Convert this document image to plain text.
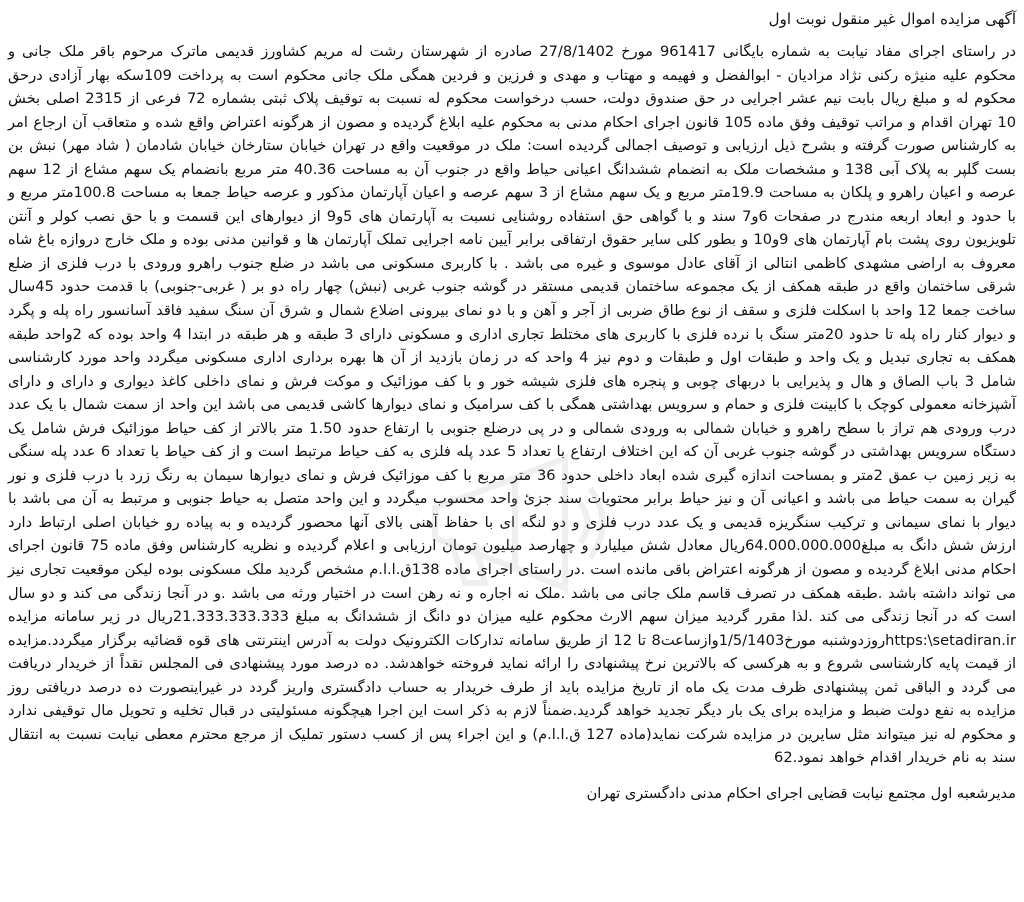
آگهی مزایده اموال غیر منقول نوبت اول

در راستای اجرای مفاد نیابت به شماره بایگانی 961417 مورخ 27/8/1402 صادره از شهرستان رشت له مریم کشاورز قدیمی ماترک مرحوم باقر ملک جانی و محکوم علیه منیژه رکنی نژاد مرادیان - ابوالفضل و فهیمه و مهتاب و مهدی و فرزین و فردین همگی ملک جانی محکوم است به پرداخت 109سکه بهار آزادی درحق محکوم له و مبلغ ریال بابت نیم عشر اجرایی در حق صندوق دولت، حسب درخواست محکوم له نسبت به توقیف پلاک ثبتی بشماره 72 فرعی از 2315 اصلی بخش 10 تهران اقدام و مراتب توقیف وفق ماده 105 قانون اجرای احکام مدنی به محکوم علیه ابلاغ گردیده و مصون از هرگونه اعتراض واقع شده و متعاقب آن ارجاع امر به کارشناس صورت گرفته و بشرح ذیل ارزیابی و توصیف اجمالی گردیده است: ملک در موقعیت واقع در تهران خیابان ستارخان خیابان شادمان ( شاد مهر) نبش بن بست گلپر به پلاک آبی 138 و مشخصات ملک به انضمام ششدانگ اعیانی حیاط واقع در جنوب آن به مساحت 40.36 متر مربع بانضمام یک سهم مشاع از 12 سهم عرصه و اعیان راهرو و پلکان به مساحت 19.9متر مربع و یک سهم مشاع از 3 سهم عرصه و اعیان آپارتمان مذکور و عرصه حیاط جمعا به مساحت 100.8متر مربع و با حدود و ابعاد اربعه مندرج در صفحات 6و7 سند و با گواهی حق استفاده روشنایی نسبت به آپارتمان های 5و9 از دیوارهای این قسمت و با حق نصب کولر و آنتن تلویزیون روی پشت بام آپارتمان های 9و10 و بطور کلی سایر حقوق ارتفاقی برابر آیین نامه اجرایی تملک آپارتمان ها و قوانین مدنی بوده و ملک خارج دروازه باغ شاه معروف به اراضی مشهدی کاظمی انتالی از آقای عادل موسوی و غیره می باشد . با کاربری مسکونی می باشد در ضلع جنوب راهرو ورودی با درب فلزی از ضلع شرقی ساختمان واقع در طبقه همکف از یک مجموعه ساختمان قدیمی مستقر در گوشه جنوب غربی (نبش) چهار راه دو بر ( غربی-جنوبی) با قدمت حدود 45سال ساخت جمعا 12 واحد با اسکلت فلزی و سقف از نوع طاق ضربی از آجر و آهن و با دو نمای بیرونی اضلاع شمال و شرق آن سنگ سفید فاقد آسانسور راه پله و پگرد و دیوار کنار راه پله تا حدود 20متر سنگ با نرده فلزی با کاربری های مختلط تجاری اداری و مسکونی دارای 3 طبقه و هر طبقه در ابتدا 4 واحد بوده که 2واحد طبقه همکف به تجاری تبدیل و یک واحد و طبقات اول و طبقات و دوم نیز 4 واحد که در زمان بازدید از آن ها بهره برداری اداری مسکونی میگردد واحد مورد کارشناسی شامل 3 باب الصاق و هال و پذیرایی با دربهای چوبی و پنجره های فلزی شیشه خور و با کف موزائیک و موکت فرش و نمای داخلی کاغذ دیواری و دارای و دارای آشپزخانه معمولی کوچک با کابینت فلزی و حمام و سرویس بهداشتی همگی با کف سرامیک و نمای دیوارها کاشی قدیمی می باشد این واحد از سمت شمال با یک عدد درب ورودی هم تراز با سطح راهرو و خیابان شمالی به ورودی شمالی و در پی درضلع جنوبی با ارتفاع حدود 1.50 متر بالاتر از کف حیاط موزائیک فرش شامل یک دستگاه سرویس بهداشتی در گوشه جنوب غربی آن که این اختلاف ارتفاع با تعداد 5 عدد پله فلزی به کف حیاط مرتبط است و از کف حیاط با تعداد 6 عدد پله سنگی به زیر زمین ب عمق 2متر و بمساحت اندازه گیری شده ابعاد داخلی حدود 36 متر مربع با کف موزائیک فرش و نمای دیوارها سیمان به رنگ زرد با درب فلزی و نور گیران به سمت حیاط می باشد و اعیانی آن و نیز حیاط برابر محتویات سند جزئ واحد محسوب میگردد و این واحد متصل به حیاط جنوبی و مرتبط به آن می باشد با دیوار با نمای سیمانی و ترکیب سنگریزه قدیمی و یک عدد درب فلزی و دو لنگه ای با حفاظ آهنی بالای آنها محصور گردیده و به پیاده رو خیابان اصلی ارتباط دارد ارزش شش دانگ به مبلغ64.000.000.000ریال معادل شش میلیارد و چهارصد میلیون تومان ارزیابی و اعلام گردیده و نظریه کارشناس وفق ماده 75 قانون اجرای احکام مدنی ابلاغ گردیده و مصون از هرگونه اعتراض باقی مانده است .در راستای اجرای ماده 138ق.ا.ا.م مشخص گردید ملک مسکونی بوده لیکن موقعیت تجاری نیز می تواند داشته باشد .طبقه همکف در تصرف قاسم ملک جانی می باشد .ملک نه اجاره و نه رهن است در اختیار ورثه می باشد .و در آنجا زندگی می کند و دو سال است که در آنجا زندگی می کند .لذا مقرر گردید میزان سهم الارث محکوم علیه میزان دو دانگ از ششدانگ به مبلغ 21.333.333.333ریال در زیر سامانه مزایده https:\setadiran.irروزدوشنبه مورخ1/5/1403وازساعت8 تا 12 از طریق سامانه تدارکات الکترونیک دولت به آدرس اینترنتی های قوه قضائیه برگزار میگردد.مزایده از قیمت پایه کارشناسی شروع و به هرکسی که بالاترین نرخ پیشنهادی را ارائه نماید فروخته خواهدشد. ده درصد مورد پیشنهادی فی المجلس نقداً از خریدار دریافت می گردد و الباقی ثمن پیشنهادی ظرف مدت یک ماه از تاریخ مزایده باید از طرف خریدار به حساب دادگستری واریز گردد در غیراینصورت ده درصد دریافتی روز مزایده به نفع دولت ضبط و مزایده برای یک بار دیگر تجدید خواهد گردید.ضمناً لازم به ذکر است این اجرا هیچگونه مسئولیتی در قبال تخلیه و تحویل مال توقیفی ندارد و محکوم له نیز میتواند مثل سایرین در مزایده شرکت نماید(ماده 127 ق.ا.ا.م) و این اجراء پس از کسب دستور تملیک از مرجع محترم معطی نیابت نسبت به انتقال سند به نام خریدار اقدام خواهد نمود.62

مدیرشعبه اول مجتمع نیابت قضایی اجرای احکام مدنی دادگستری تهران
